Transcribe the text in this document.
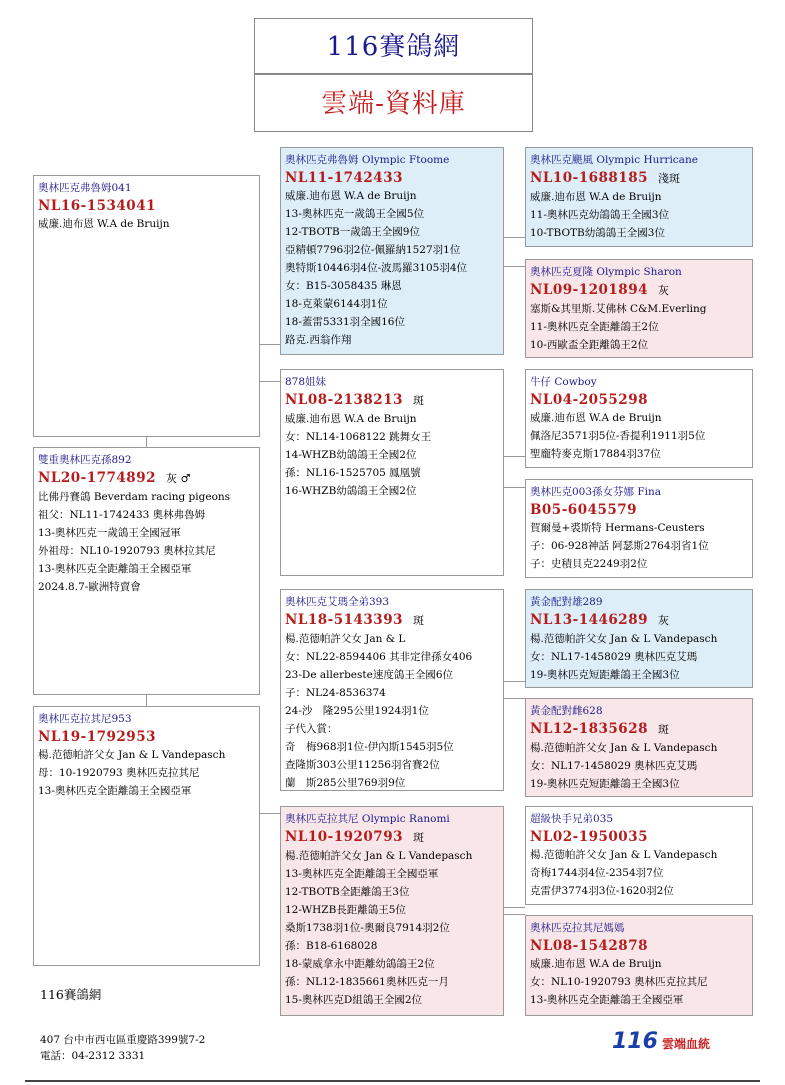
116賽鴿網
雲端-資料庫
奧林匹克弗魯姆041
NL16-1534041
威廉.迪布恩 W.A de Bruijn
雙重奧林匹克孫892
NL20-1774892 灰 ♂
比佛丹賽鴿 Beverdam racing pigeons
祖父：NL11-1742433 奧林弗魯姆
13-奧林匹克一歲鴿王全國冠軍
外祖母：NL10-1920793 奧林拉其尼
13-奧林匹克全距離鴿王全國亞軍
2024.8.7-歐洲特賣會
奧林匹克拉其尼953
NL19-1792953
楊.范德帕許父女 Jan & L Vandepasch
母：10-1920793 奧林匹克拉其尼
13-奧林匹克全距離鴿王全國亞軍
奧林匹克弗魯姆 Olympic Ftoome
NL11-1742433
威廉.迪布恩 W.A de Bruijn
13-奧林匹克一歲鴿王全國5位
12-TBOTB一歲鴿王全國9位
亞精頓7796羽2位-佩羅納1527羽1位
奧特斯10446羽4位-波馬羅3105羽4位
女：B15-3058435 琳恩
18-克萊蒙6144羽1位
18-蓋雷5331羽全國16位
路克.西翁作翔
878姐妹
NL08-2138213 斑
威廉.迪布恩 W.A de Bruijn
女：NL14-1068122 跳舞女王
14-WHZB幼鴿鴿王全國2位
孫：NL16-1525705 鳳凰號
16-WHZB幼鴿鴿王全國2位
奧林匹克艾瑪全弟393
NL18-5143393 斑
楊.范德帕許父女 Jan & L
女：NL22-8594406 其非定律孫女406
23-De allerbeste速度鴿王全國6位
子：NL24-8536374
24-沙　隆295公里1924羽1位
子代入賞：
奇　梅968羽1位-伊內斯1545羽5位
查隆斯303公里11256羽省賽2位
蘭　斯285公里769羽9位
奧林匹克拉其尼 Olympic Ranomi
NL10-1920793 斑
楊.范德帕許父女 Jan & L Vandepasch
13-奧林匹克全距離鴿王全國亞軍
12-TBOTB全距離鴿王3位
12-WHZB長距離鴿王5位
桑斯1738羽1位-奧爾良7914羽2位
孫：B18-6168028
18-蒙威拿永中距離幼鴿鴿王2位
孫：NL12-1835661奧林匹克一月
15-奧林匹克D組鴿王全國2位
奧林匹克颶風 Olympic Hurricane
NL10-1688185 淺斑
威廉.迪布恩 W.A de Bruijn
11-奧林匹克幼鴿鴿王全國3位
10-TBOTB幼鴿鴿王全國3位
奧林匹克夏隆 Olympic Sharon
NL09-1201894 灰
塞斯&其里斯.艾佛林 C&M.Everling
11-奧林匹克全距離鴿王2位
10-西歐盃全距離鴿王2位
牛仔 Cowboy
NL04-2055298
威廉.迪布恩 W.A de Bruijn
佩洛尼3571羽5位-香提利1911羽5位
聖龐特麥克斯17884羽37位
奧林匹克003孫女芬娜 Fina
B05-6045579
賀爾曼+裘斯特 Hermans-Ceusters
子：06-928神話 阿瑟斯2764羽省1位
子：史積貝克2249羽2位
黃金配對雄289
NL13-1446289 灰
楊.范德帕許父女 Jan & L Vandepasch
女：NL17-1458029 奧林匹克艾瑪
19-奧林匹克短距離鴿王全國3位
黃金配對雌628
NL12-1835628 斑
楊.范德帕許父女 Jan & L Vandepasch
女：NL17-1458029 奧林匹克艾瑪
19-奧林匹克短距離鴿王全國3位
超級快手兄弟035
NL02-1950035
楊.范德帕許父女 Jan & L Vandepasch
奇梅1744羽4位-2354羽7位
克雷伊3774羽3位-1620羽2位
奧林匹克拉其尼媽媽
NL08-1542878
威廉.迪布恩 W.A de Bruijn
女：NL10-1920793 奧林匹克拉其尼
13-奧林匹克全距離鴿王全國亞軍
116賽鴿網
407 台中市西屯區重慶路399號7-2
電話：04-2312 3331
116 雲端血統
